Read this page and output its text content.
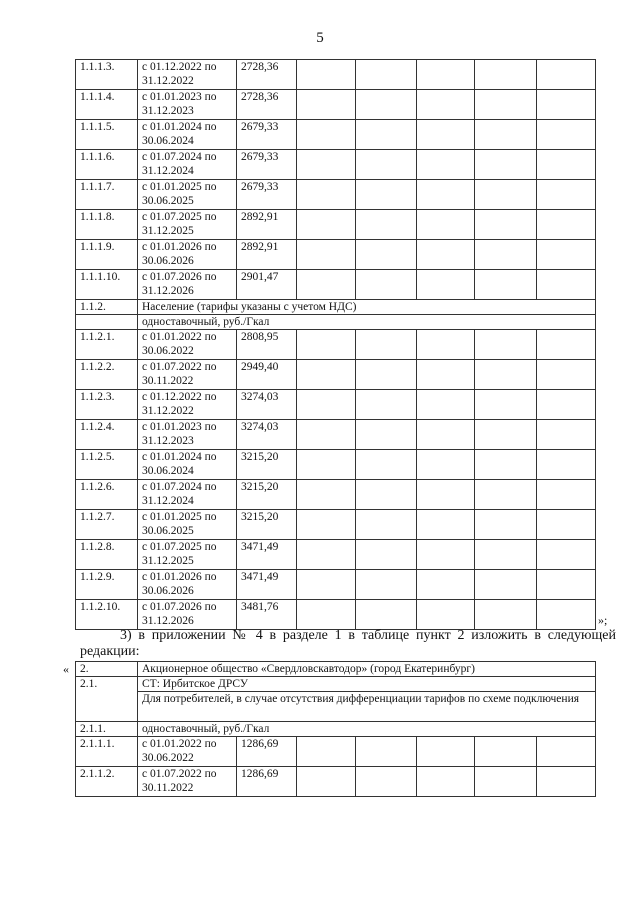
5
1.1.1.3.	с 01.12.2022 по 31.12.2022	2728,36					
1.1.1.4.	с 01.01.2023 по 31.12.2023	2728,36					
1.1.1.5.	с 01.01.2024 по 30.06.2024	2679,33					
1.1.1.6.	с 01.07.2024 по 31.12.2024	2679,33					
1.1.1.7.	с 01.01.2025 по 30.06.2025	2679,33					
1.1.1.8.	с 01.07.2025 по 31.12.2025	2892,91					
1.1.1.9.	с 01.01.2026 по 30.06.2026	2892,91					
1.1.1.10.	с 01.07.2026 по 31.12.2026	2901,47					
1.1.2.	Население (тарифы указаны с учетом НДС)						
	одноставочный, руб./Гкал						
1.1.2.1.	с 01.01.2022 по 30.06.2022	2808,95					
1.1.2.2.	с 01.07.2022 по 30.11.2022	2949,40					
1.1.2.3.	с 01.12.2022 по 31.12.2022	3274,03					
1.1.2.4.	с 01.01.2023 по 31.12.2023	3274,03					
1.1.2.5.	с 01.01.2024 по 30.06.2024	3215,20					
1.1.2.6.	с 01.07.2024 по 31.12.2024	3215,20					
1.1.2.7.	с 01.01.2025 по 30.06.2025	3215,20					
1.1.2.8.	с 01.07.2025 по 31.12.2025	3471,49					
1.1.2.9.	с 01.01.2026 по 30.06.2026	3471,49					
1.1.2.10.	с 01.07.2026 по 31.12.2026	3481,76					
»;
3) в приложении № 4 в разделе 1 в таблице пункт 2 изложить в следующей редакции:
« 2.	Акционерное общество «Свердловскавтодор» (город Екатеринбург)						
2.1.	СТ: Ирбитское ДРСУ						
	Для потребителей, в случае отсутствия дифференциации тарифов по схеме подключения						
2.1.1.	одноставочный, руб./Гкал						
2.1.1.1.	с 01.01.2022 по 30.06.2022	1286,69					
2.1.1.2.	с 01.07.2022 по 30.11.2022	1286,69					
